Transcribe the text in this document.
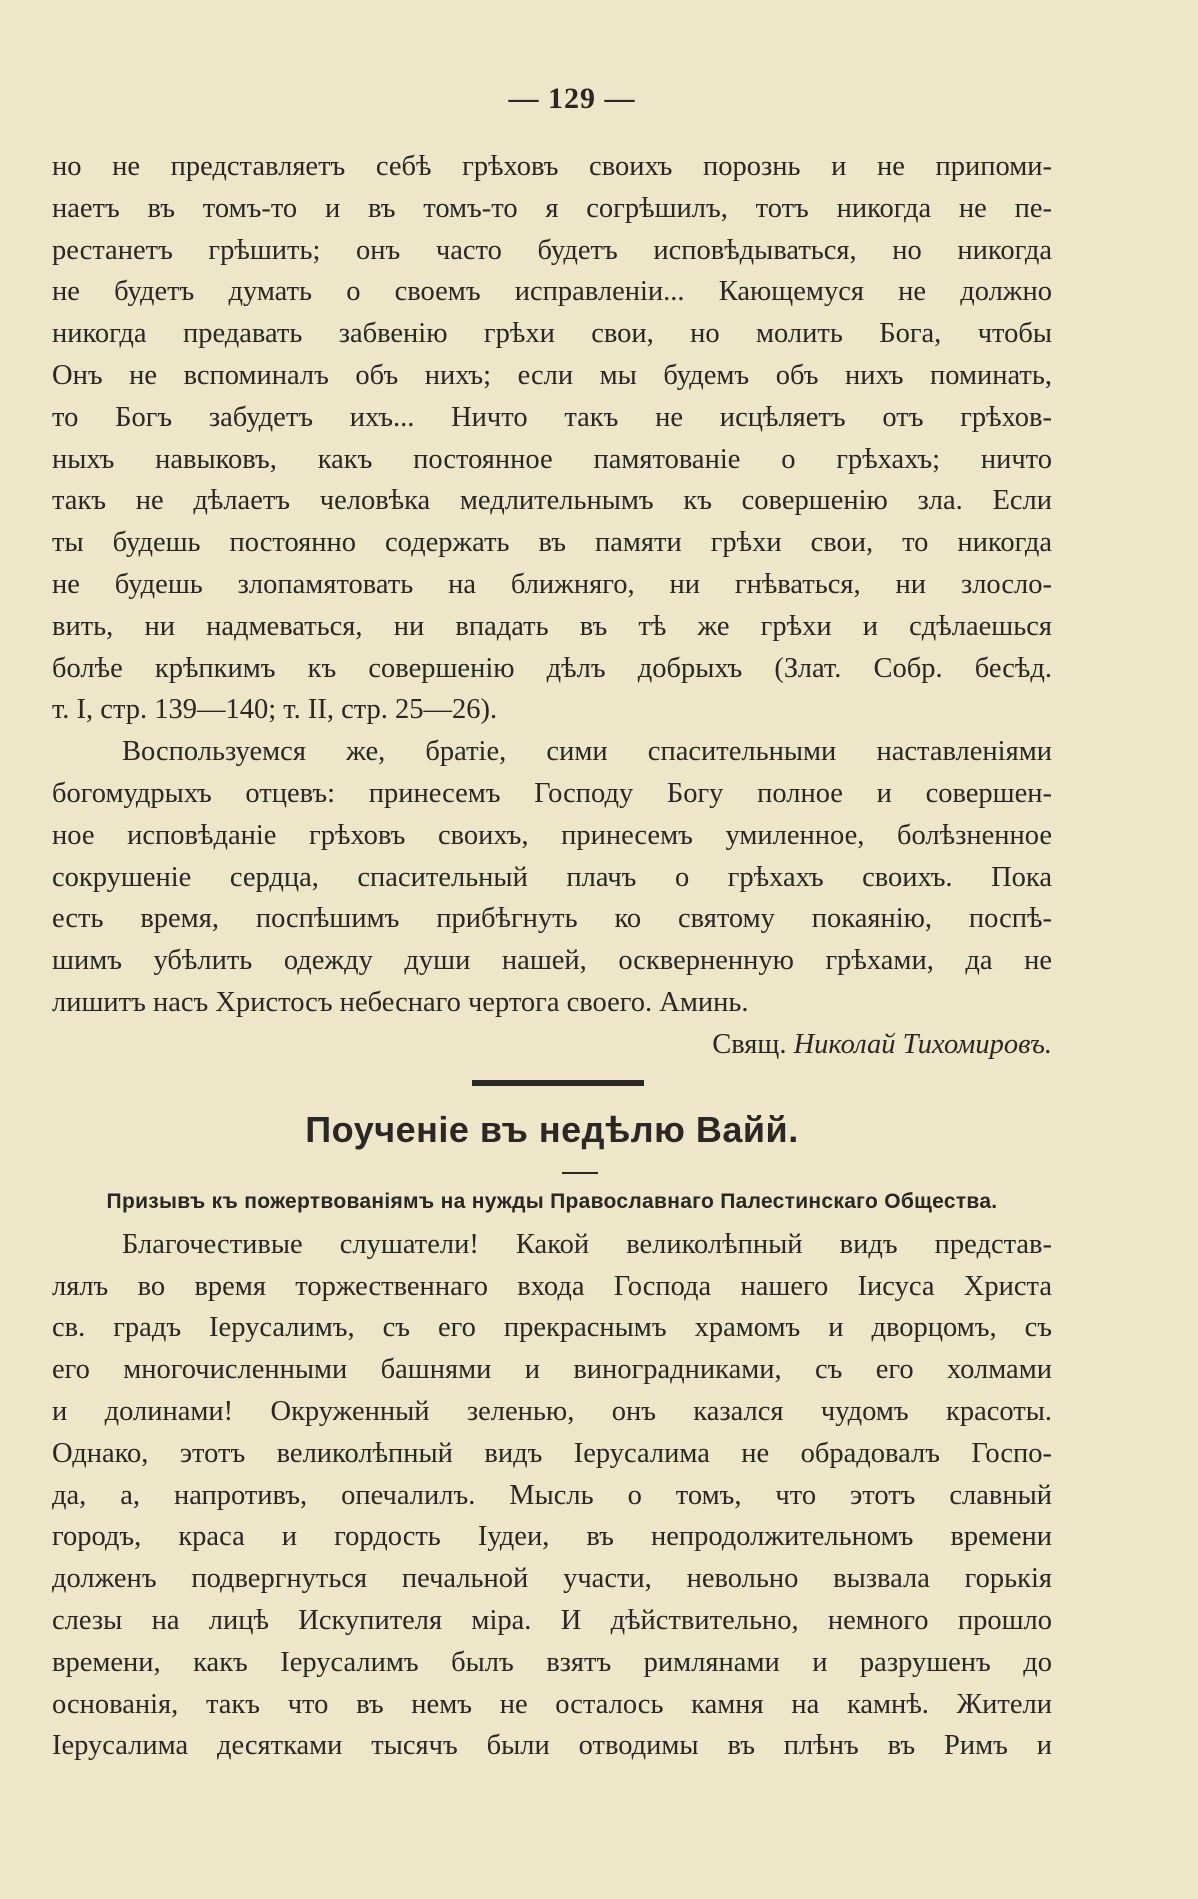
— 129 —
но не представляетъ себѣ грѣховъ своихъ порознь и не припоми-
наетъ въ томъ-то и въ томъ-то я согрѣшилъ, тотъ никогда не пе-
рестанетъ грѣшить; онъ часто будетъ исповѣдываться, но никогда
не будетъ думать о своемъ исправленіи... Кающемуся не должно
никогда предавать забвенію грѣхи свои, но молить Бога, чтобы
Онъ не вспоминалъ объ нихъ; если мы будемъ объ нихъ поминать,
то Богъ забудетъ ихъ... Ничто такъ не исцѣляетъ отъ грѣхов-
ныхъ навыковъ, какъ постоянное памятованіе о грѣхахъ; ничто
такъ не дѣлаетъ человѣка медлительнымъ къ совершенію зла. Если
ты будешь постоянно содержать въ памяти грѣхи свои, то никогда
не будешь злопамятовать на ближняго, ни гнѣваться, ни злосло-
вить, ни надмеваться, ни впадать въ тѣ же грѣхи и сдѣлаешься
болѣе крѣпкимъ къ совершенію дѣлъ добрыхъ (Злат. Собр. бесѣд.
т. І, стр. 139—140; т. ІІ, стр. 25—26).
Воспользуемся же, братіе, сими спасительными наставленіями
богомудрыхъ отцевъ: принесемъ Господу Богу полное и совершен-
ное исповѣданіе грѣховъ своихъ, принесемъ умиленное, болѣзненное
сокрушеніе сердца, спасительный плачъ о грѣхахъ своихъ. Пока
есть время, поспѣшимъ прибѣгнуть ко святому покаянію, поспѣ-
шимъ убѣлить одежду души нашей, оскверненную грѣхами, да не
лишитъ насъ Христосъ небеснаго чертога своего. Аминь.
Свящ. Николай Тихомировъ.
Поученіе въ недѣлю Вайй.
Призывъ къ пожертвованіямъ на нужды Православнаго Палестинскаго Общества.
Благочестивые слушатели! Какой великолѣпный видъ представ-
лялъ во время торжественнаго входа Господа нашего Іисуса Христа
св. градъ Іерусалимъ, съ его прекраснымъ храмомъ и дворцомъ, съ
его многочисленными башнями и виноградниками, съ его холмами
и долинами! Окруженный зеленью, онъ казался чудомъ красоты.
Однако, этотъ великолѣпный видъ Іерусалима не обрадовалъ Госпо-
да, а, напротивъ, опечалилъ. Мысль о томъ, что этотъ славный
городъ, краса и гордость Іудеи, въ непродолжительномъ времени
долженъ подвергнуться печальной участи, невольно вызвала горькія
слезы на лицѣ Искупителя міра. И дѣйствительно, немного прошло
времени, какъ Іерусалимъ былъ взятъ римлянами и разрушенъ до
основанія, такъ что въ немъ не осталось камня на камнѣ. Жители
Іерусалима десятками тысячъ были отводимы въ плѣнъ въ Римъ и
